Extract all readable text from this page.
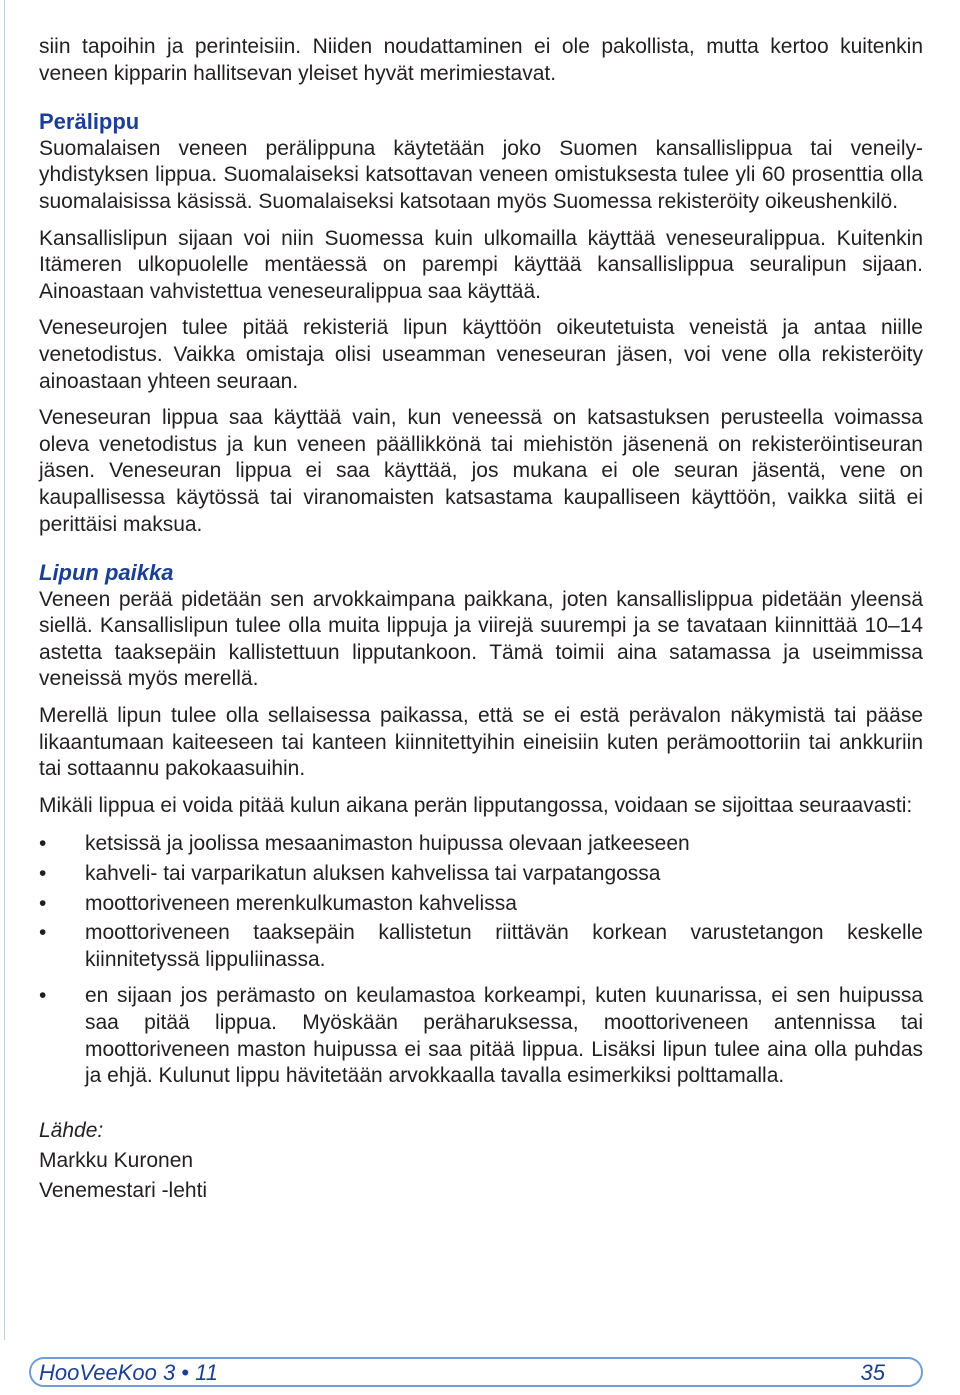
siin tapoihin ja perinteisiin. Niiden noudattaminen ei ole pakollista, mutta kertoo kuitenkin veneen kipparin hallitsevan yleiset hyvät merimiestavat.

Perälippu

Suomalaisen veneen perälippuna käytetään joko Suomen kansallislippua tai veneily-yhdistyksen lippua. Suomalaiseksi katsottavan veneen omistuksesta tulee yli 60 prosenttia olla suomalaisissa käsissä. Suomalaiseksi katsotaan myös Suomessa rekisteröity oikeushenkilö.

Kansallislipun sijaan voi niin Suomessa kuin ulkomailla käyttää veneseuralippua. Kuitenkin Itämeren ulkopuolelle mentäessä on parempi käyttää kansallislippua seuralipun sijaan. Ainoastaan vahvistettua veneseuralippua saa käyttää.

Veneseurojen tulee pitää rekisteriä lipun käyttöön oikeutetuista veneistä ja antaa niille venetodistus. Vaikka omistaja olisi useamman veneseuran jäsen, voi vene olla rekisteröity ainoastaan yhteen seuraan.

Veneseuran lippua saa käyttää vain, kun veneessä on katsastuksen perusteella voimassa oleva venetodistus ja kun veneen päällikkönä tai miehistön jäsenenä on rekisteröintiseuran jäsen. Veneseuran lippua ei saa käyttää, jos mukana ei ole seuran jäsentä, vene on kaupallisessa käytössä tai viranomaisten katsastama kaupalliseen käyttöön, vaikka siitä ei perittäisi maksua.

Lipun paikka

Veneen perää pidetään sen arvokkaimpana paikkana, joten kansallislippua pidetään yleensä siellä. Kansallislipun tulee olla muita lippuja ja viirejä suurempi ja se tavataan kiinnittää 10–14 astetta taaksepäin kallistettuun lipputankoon. Tämä toimii aina satamassa ja useimmissa veneissä myös merellä.

Merellä lipun tulee olla sellaisessa paikassa, että se ei estä perävalon näkymistä tai pääse likaantumaan kaiteeseen tai kanteen kiinnitettyihin eineisiin kuten perämoottoriin tai ankkuriin tai sottaannu pakokaasuihin.

Mikäli lippua ei voida pitää kulun aikana perän lipputangossa, voidaan se sijoittaa seuraavasti:

• ketsissä ja joolissa mesaanimaston huipussa olevaan jatkeeseen
• kahveli- tai varparikatun aluksen kahvelissa tai varpatangossa
• moottoriveneen merenkulkumaston kahvelissa
• moottoriveneen taaksepäin kallistetun riittävän korkean varustetangon keskelle kiinnitetyssä lippuliinassa.
• en sijaan jos perämasto on keulamastoa korkeampi, kuten kuunarissa, ei sen huipussa saa pitää lippua. Myöskään peräharuksessa, moottoriveneen antennissa tai moottoriveneen maston huipussa ei saa pitää lippua. Lisäksi lipun tulee aina olla puhdas ja ehjä. Kulunut lippu hävitetään arvokkaalla tavalla esimerkiksi polttamalla.
Lähde:
Markku Kuronen
Venemestari -lehti
HooVeeKoo 3 • 11	35
